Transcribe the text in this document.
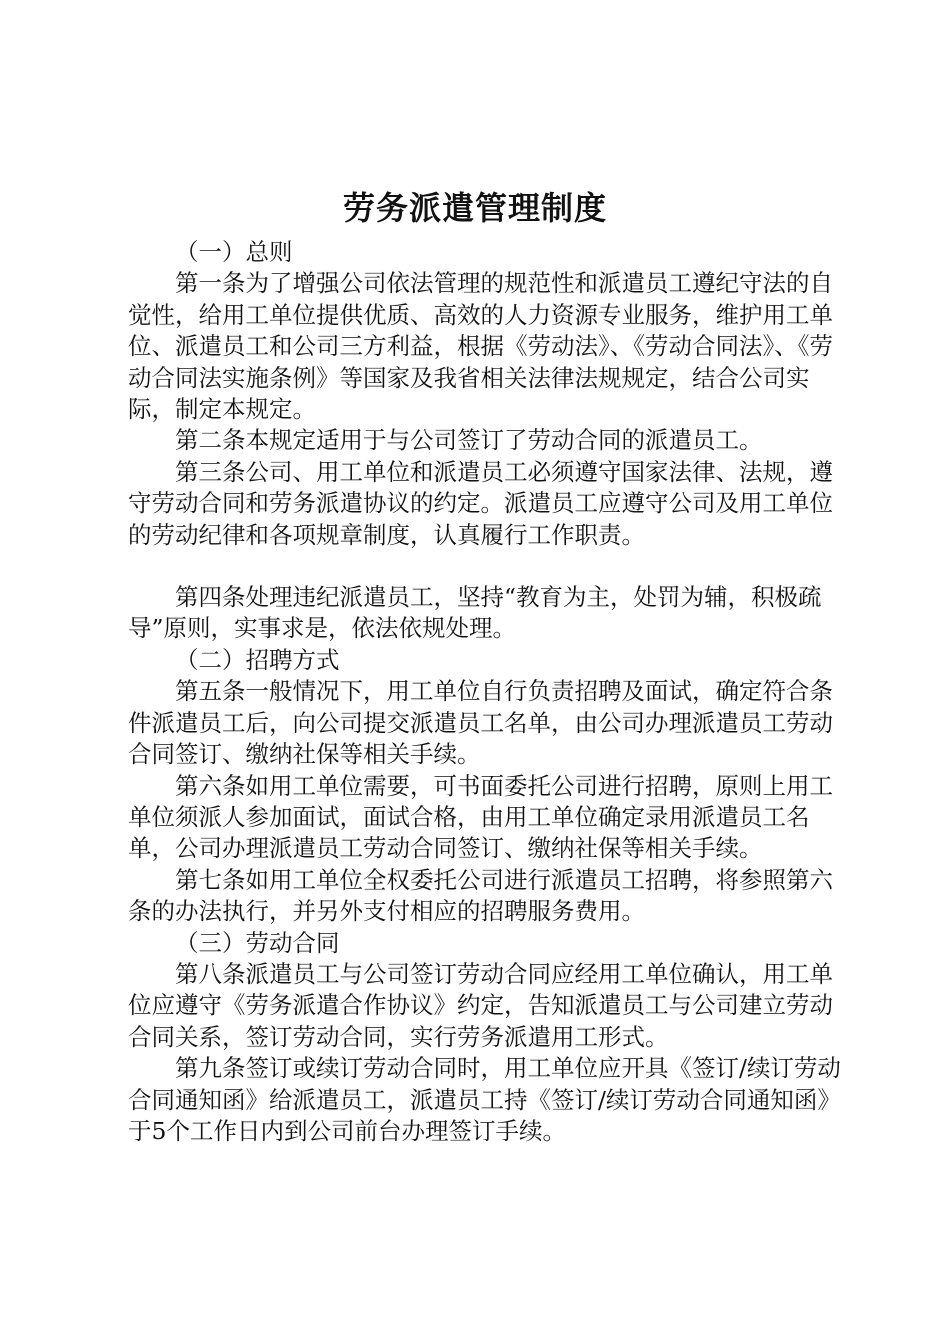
劳务派遣管理制度

（一）总则

第一条为了增强公司依法管理的规范性和派遣员工遵纪守法的自觉性，给用工单位提供优质、高效的人力资源专业服务，维护用工单位、派遣员工和公司三方利益，根据《劳动法》、《劳动合同法》、《劳动合同法实施条例》等国家及我省相关法律法规规定，结合公司实际，制定本规定。

第二条本规定适用于与公司签订了劳动合同的派遣员工。

第三条公司、用工单位和派遣员工必须遵守国家法律、法规，遵守劳动合同和劳务派遣协议的约定。派遣员工应遵守公司及用工单位的劳动纪律和各项规章制度，认真履行工作职责。

第四条处理违纪派遣员工，坚持“教育为主，处罚为辅，积极疏导”原则，实事求是，依法依规处理。

（二）招聘方式

第五条一般情况下，用工单位自行负责招聘及面试，确定符合条件派遣员工后，向公司提交派遣员工名单，由公司办理派遣员工劳动合同签订、缴纳社保等相关手续。

第六条如用工单位需要，可书面委托公司进行招聘，原则上用工单位须派人参加面试，面试合格，由用工单位确定录用派遣员工名单，公司办理派遣员工劳动合同签订、缴纳社保等相关手续。

第七条如用工单位全权委托公司进行派遣员工招聘，将参照第六条的办法执行，并另外支付相应的招聘服务费用。

（三）劳动合同

第八条派遣员工与公司签订劳动合同应经用工单位确认，用工单位应遵守《劳务派遣合作协议》约定，告知派遣员工与公司建立劳动合同关系，签订劳动合同，实行劳务派遣用工形式。

第九条签订或续订劳动合同时，用工单位应开具《签订/续订劳动合同通知函》给派遣员工，派遣员工持《签订/续订劳动合同通知函》于5个工作日内到公司前台办理签订手续。
